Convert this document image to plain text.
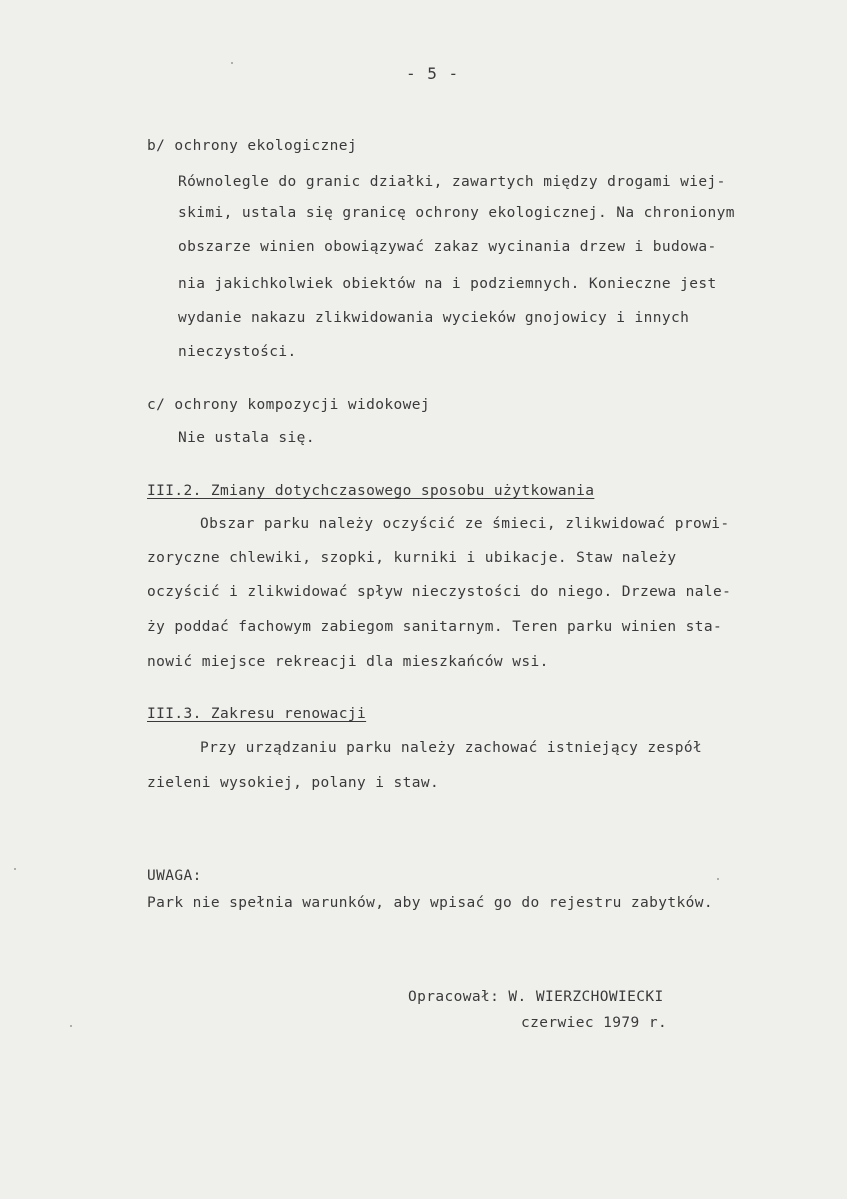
- 5 -
b/ ochrony ekologicznej
Równolegle do granic działki, zawartych między drogami wiej-
skimi, ustala się granicę ochrony ekologicznej. Na chronionym
obszarze winien obowiązywać zakaz wycinania drzew i budowa-
nia jakichkolwiek obiektów na i podziemnych. Konieczne jest
wydanie nakazu zlikwidowania wycieków gnojowicy i innych
nieczystości.
c/ ochrony kompozycji widokowej
Nie ustala się.
III.2. Zmiany dotychczasowego sposobu użytkowania
Obszar parku należy oczyścić ze śmieci, zlikwidować prowi-
zoryczne chlewiki, szopki, kurniki i ubikacje. Staw należy
oczyścić i zlikwidować spływ nieczystości do niego. Drzewa nale-
ży poddać fachowym zabiegom sanitarnym. Teren parku winien sta-
nowić miejsce rekreacji dla mieszkańców wsi.
III.3. Zakresu renowacji
Przy urządzaniu parku należy zachować istniejący zespół
zieleni wysokiej, polany i staw.
UWAGA:
Park nie spełnia warunków, aby wpisać go do rejestru zabytków.
Opracował: W. WIERZCHOWIECKI
czerwiec 1979 r.
